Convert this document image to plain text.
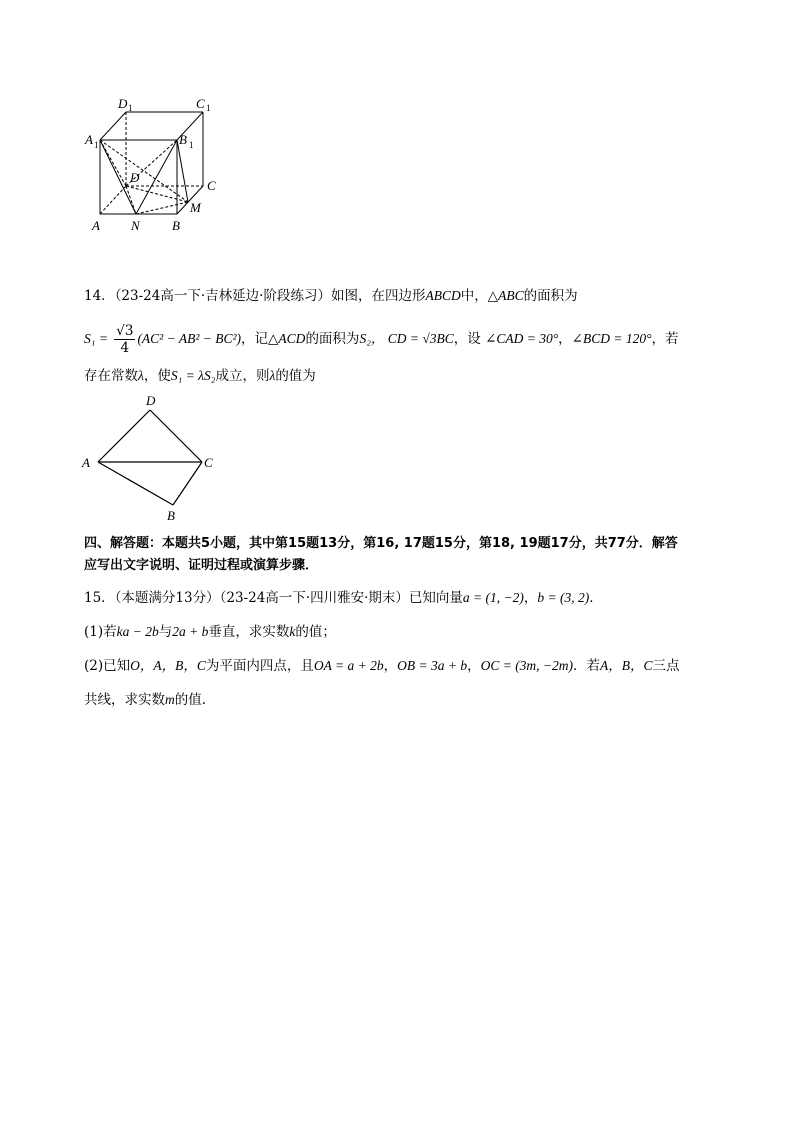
A N B
M
C
D
A 1	B 1
D 1	C 1
14．（23-24高一下·吉林延边·阶段练习）如图，在四边形ABCD中，△ABC的面积为
$S_1 = \frac{√3}{4} (AC^2 - AB^2 - BC^2)$，记△ACD的面积为S₂， CD = √3BC，设 ∠CAD = 30°，∠BCD = 120°，若
存在常数λ，使S₁ = λS₂成立，则λ的值为
A
D
C
B
四、解答题：本题共5小题，其中第15题13分，第16, 17题15分，第18, 19题17分，共77分．解答
应写出文字说明、证明过程或演算步骤．
15．（本题满分13分）（23-24高一下·四川雅安·期末）已知向量a = (1, −2)，b = (3, 2)．
(1)若ka − 2b与2a + b垂直，求实数k的值；
(2)已知O，A，B，C为平面内四点，且OA = a + 2b，OB = 3a + b，OC = (3m, −2m)．若A，B，C三点
共线，求实数m的值.
